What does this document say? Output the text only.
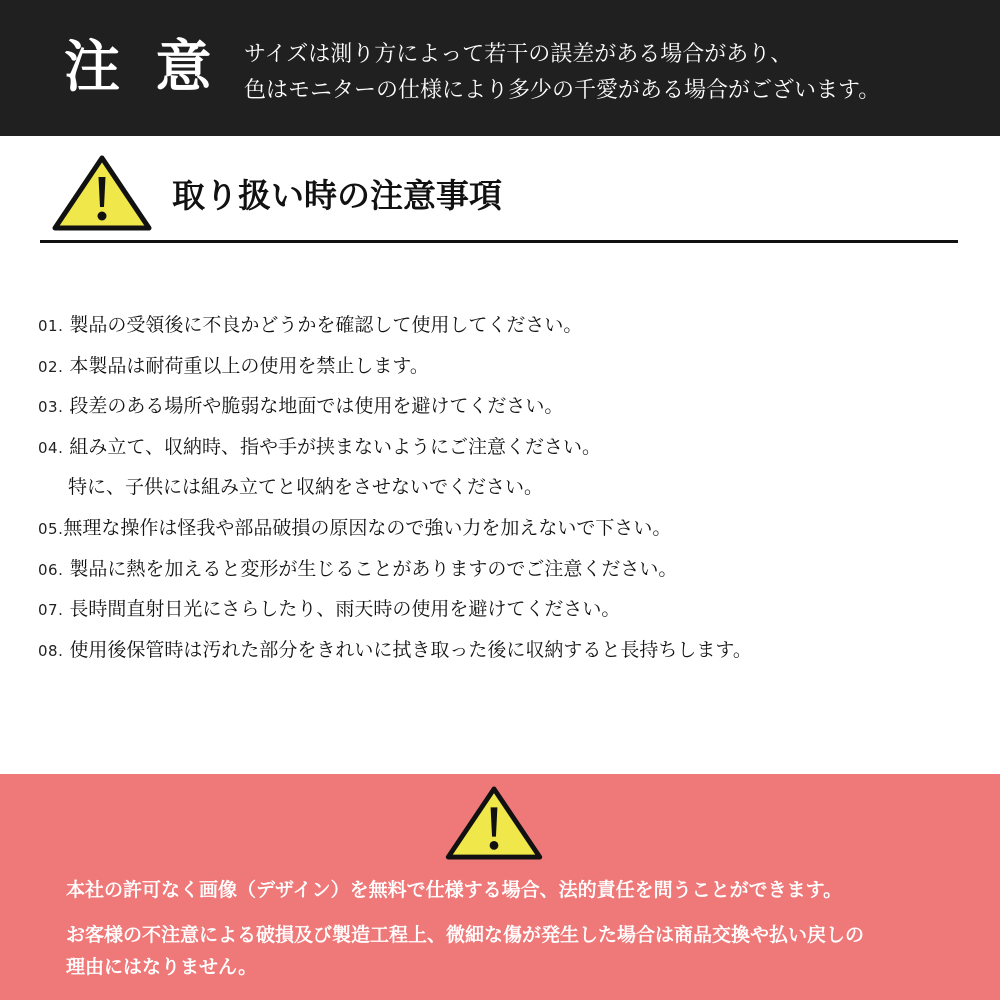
注 意 サイズは測り方によって若干の誤差がある場合があり、
色はモニターの仕様により多少の千愛がある場合がございます。
取り扱い時の注意事項
01. 製品の受領後に不良かどうかを確認して使用してください。
02. 本製品は耐荷重以上の使用を禁止します。
03. 段差のある場所や脆弱な地面では使用を避けてください。
04. 組み立て、収納時、指や手が挟まないようにご注意ください。
特に、子供には組み立てと収納をさせないでください。
05.無理な操作は怪我や部品破損の原因なので強い力を加えないで下さい。
06. 製品に熱を加えると変形が生じることがありますのでご注意ください。
07. 長時間直射日光にさらしたり、雨天時の使用を避けてください。
08. 使用後保管時は汚れた部分をきれいに拭き取った後に収納すると長持ちします。
本社の許可なく画像（デザイン）を無料で仕様する場合、法的責任を問うことができます。
お客様の不注意による破損及び製造工程上、微細な傷が発生した場合は商品交換や払い戻しの
理由にはなりません。
